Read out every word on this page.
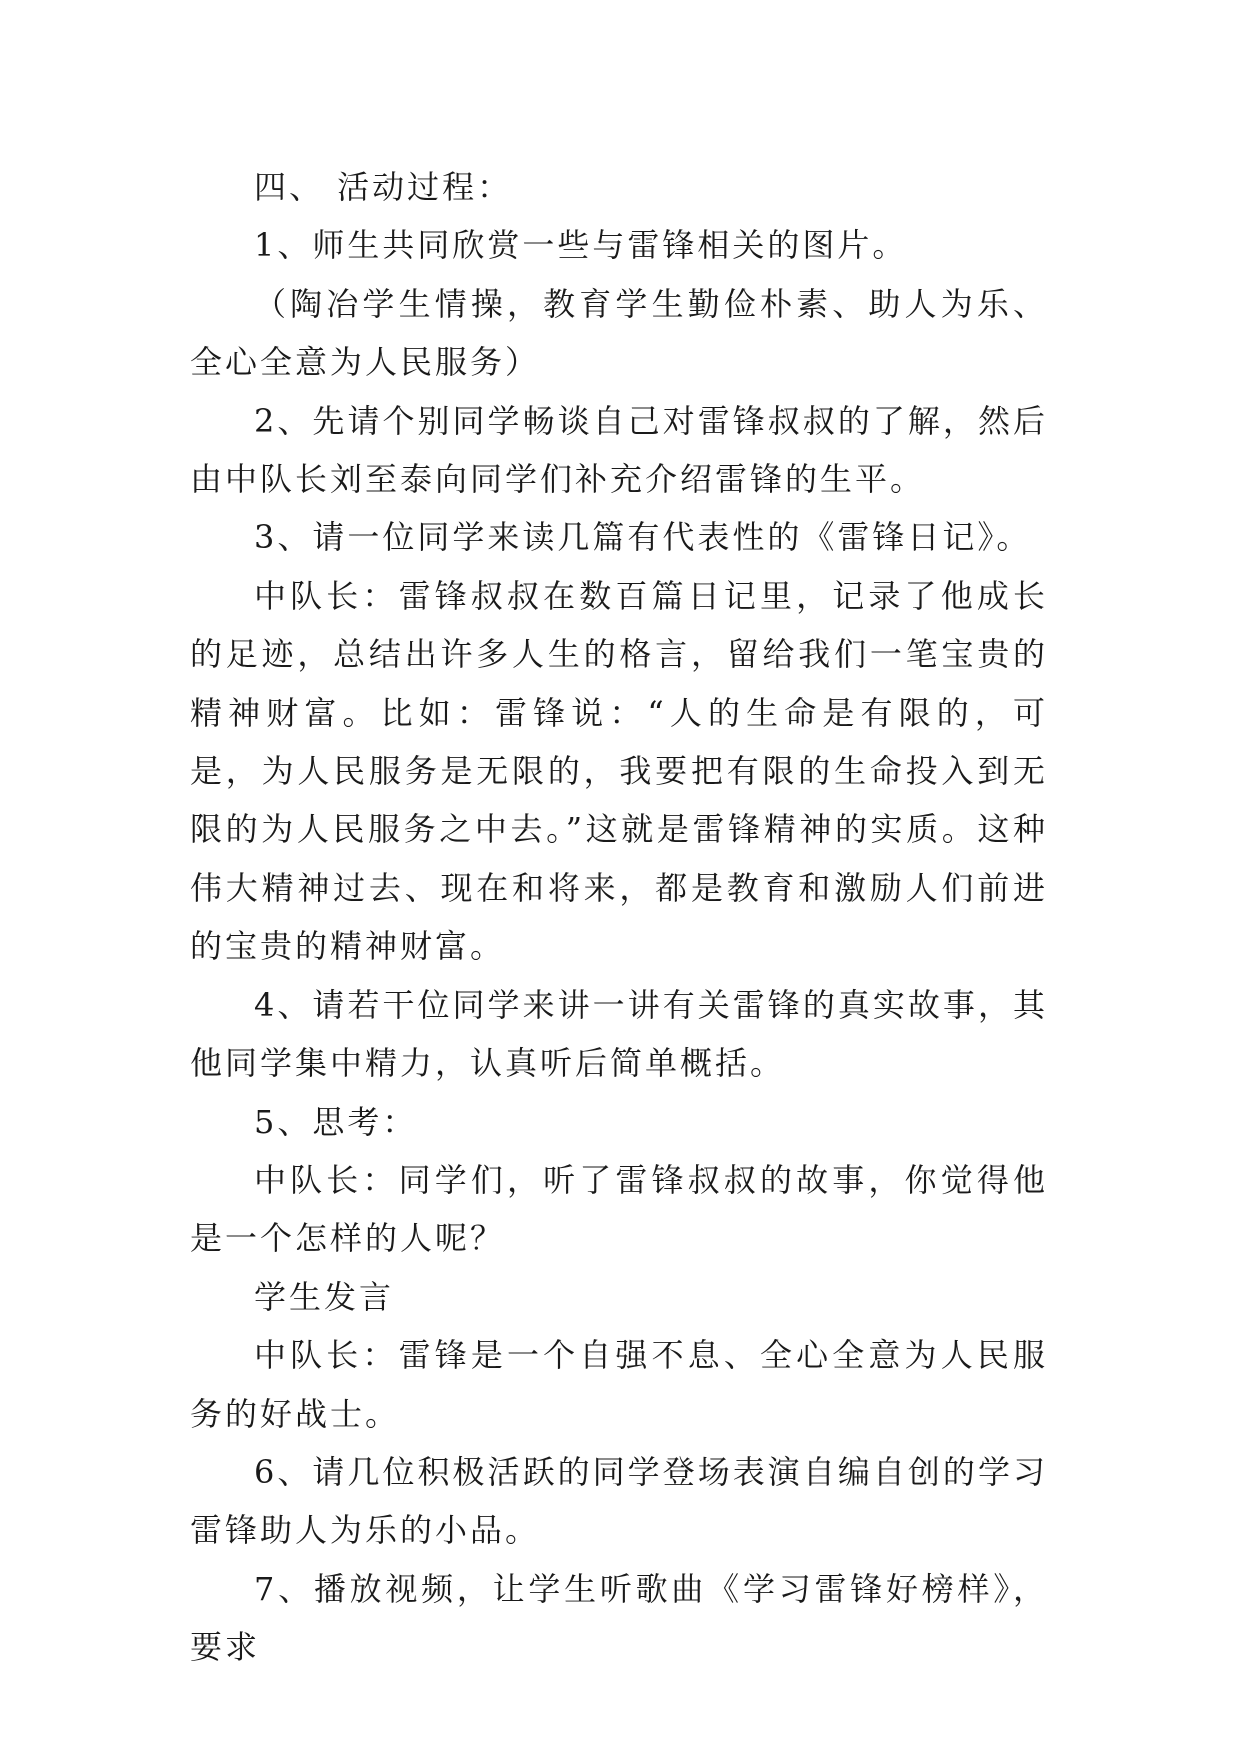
四、 活动过程：

1、师生共同欣赏一些与雷锋相关的图片。

（陶冶学生情操，教育学生勤俭朴素、助人为乐、全心全意为人民服务）

2、先请个别同学畅谈自己对雷锋叔叔的了解，然后由中队长刘至泰向同学们补充介绍雷锋的生平。

3、请一位同学来读几篇有代表性的《雷锋日记》。

中队长：雷锋叔叔在数百篇日记里，记录了他成长的足迹，总结出许多人生的格言，留给我们一笔宝贵的精神财富。比如：雷锋说：“人的生命是有限的，可是，为人民服务是无限的，我要把有限的生命投入到无限的为人民服务之中去。”这就是雷锋精神的实质。这种伟大精神过去、现在和将来，都是教育和激励人们前进的宝贵的精神财富。

4、请若干位同学来讲一讲有关雷锋的真实故事，其他同学集中精力，认真听后简单概括。

5、思考：

中队长：同学们，听了雷锋叔叔的故事，你觉得他是一个怎样的人呢？

学生发言

中队长：雷锋是一个自强不息、全心全意为人民服务的好战士。

6、请几位积极活跃的同学登场表演自编自创的学习雷锋助人为乐的小品。

7、播放视频，让学生听歌曲《学习雷锋好榜样》，要求
